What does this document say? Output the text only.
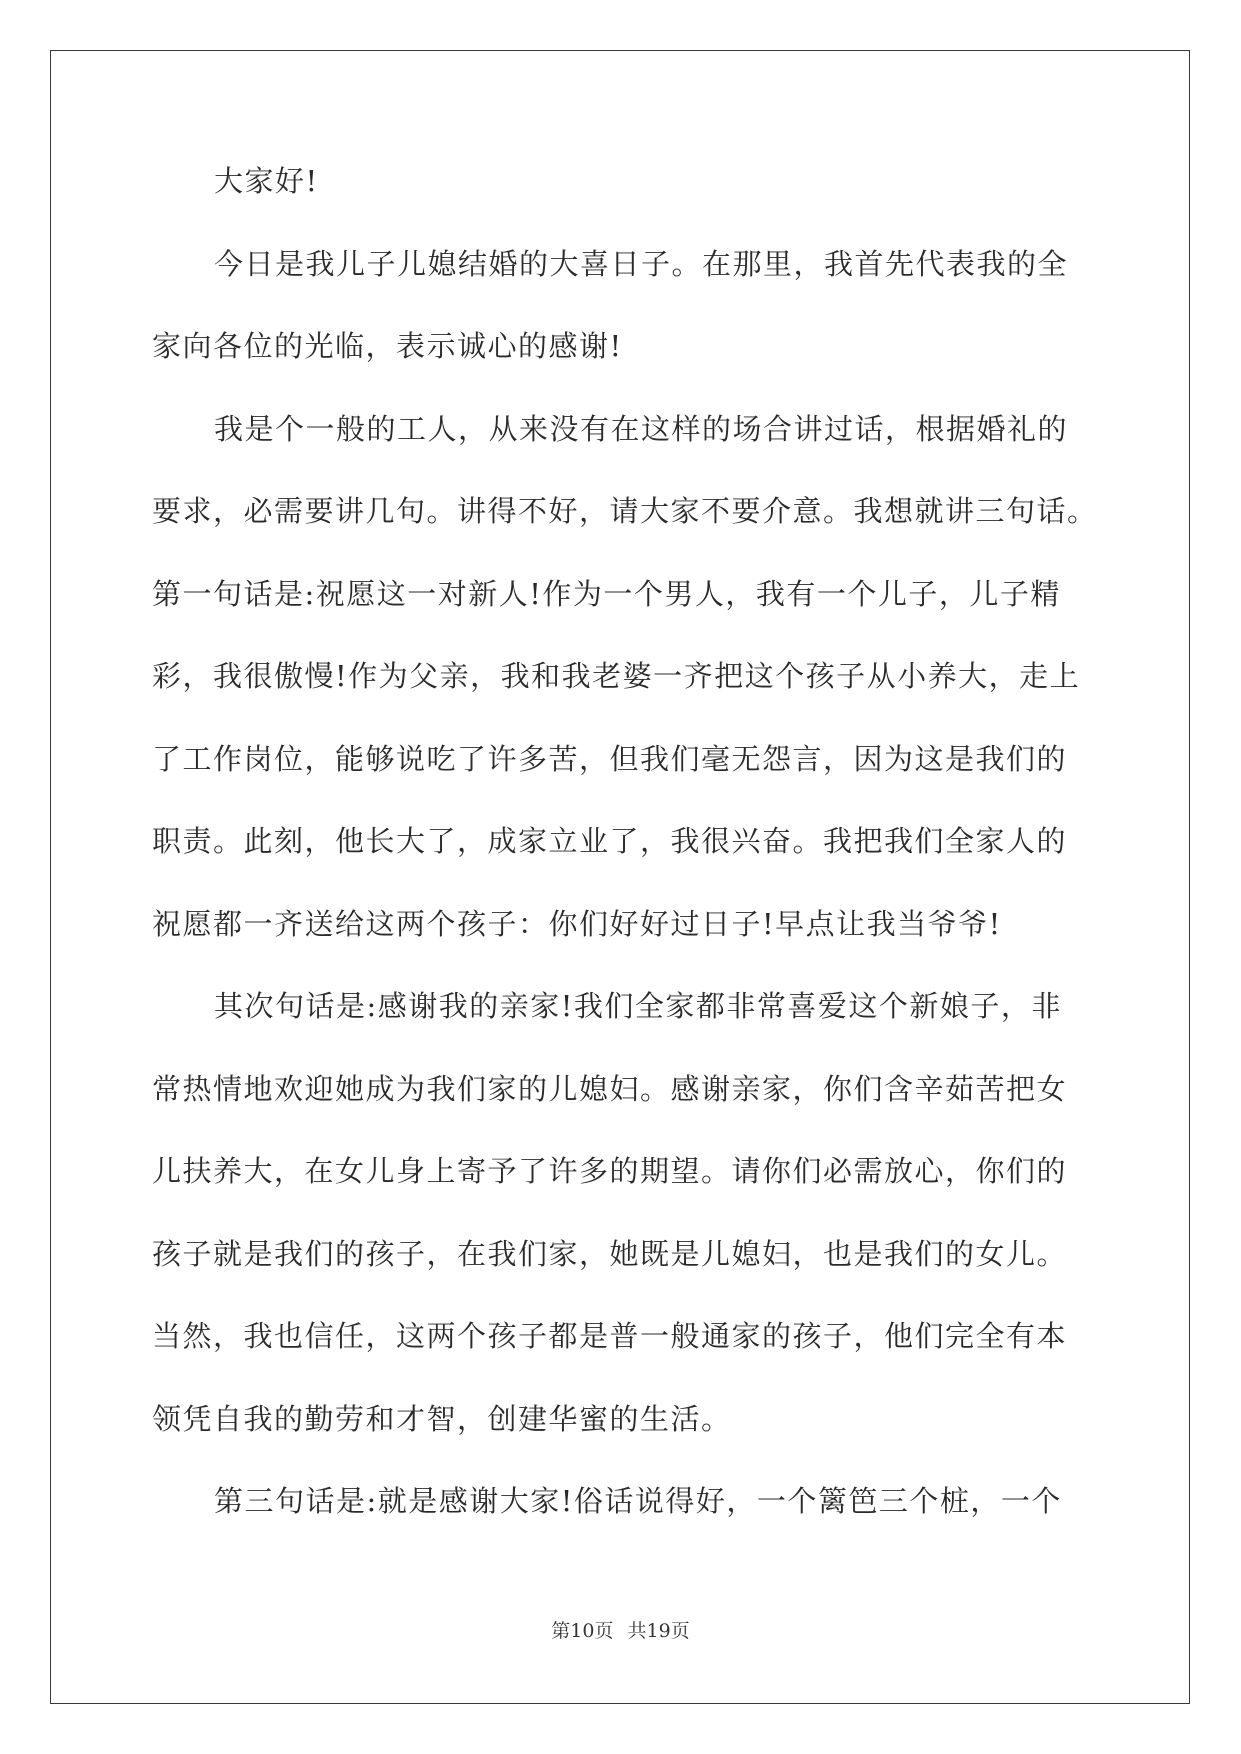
大家好!
今日是我儿子儿媳结婚的大喜日子。在那里，我首先代表我的全
家向各位的光临，表示诚心的感谢!
我是个一般的工人，从来没有在这样的场合讲过话，根据婚礼的
要求，必需要讲几句。讲得不好，请大家不要介意。我想就讲三句话。
第一句话是:祝愿这一对新人!作为一个男人，我有一个儿子，儿子精
彩，我很傲慢!作为父亲，我和我老婆一齐把这个孩子从小养大，走上
了工作岗位，能够说吃了许多苦，但我们毫无怨言，因为这是我们的
职责。此刻，他长大了，成家立业了，我很兴奋。我把我们全家人的
祝愿都一齐送给这两个孩子：你们好好过日子!早点让我当爷爷!
其次句话是:感谢我的亲家!我们全家都非常喜爱这个新娘子，非
常热情地欢迎她成为我们家的儿媳妇。感谢亲家，你们含辛茹苦把女
儿扶养大，在女儿身上寄予了许多的期望。请你们必需放心，你们的
孩子就是我们的孩子，在我们家，她既是儿媳妇，也是我们的女儿。
当然，我也信任，这两个孩子都是普一般通家的孩子，他们完全有本
领凭自我的勤劳和才智，创建华蜜的生活。
第三句话是:就是感谢大家!俗话说得好，一个篱笆三个桩，一个
第10页 共19页
